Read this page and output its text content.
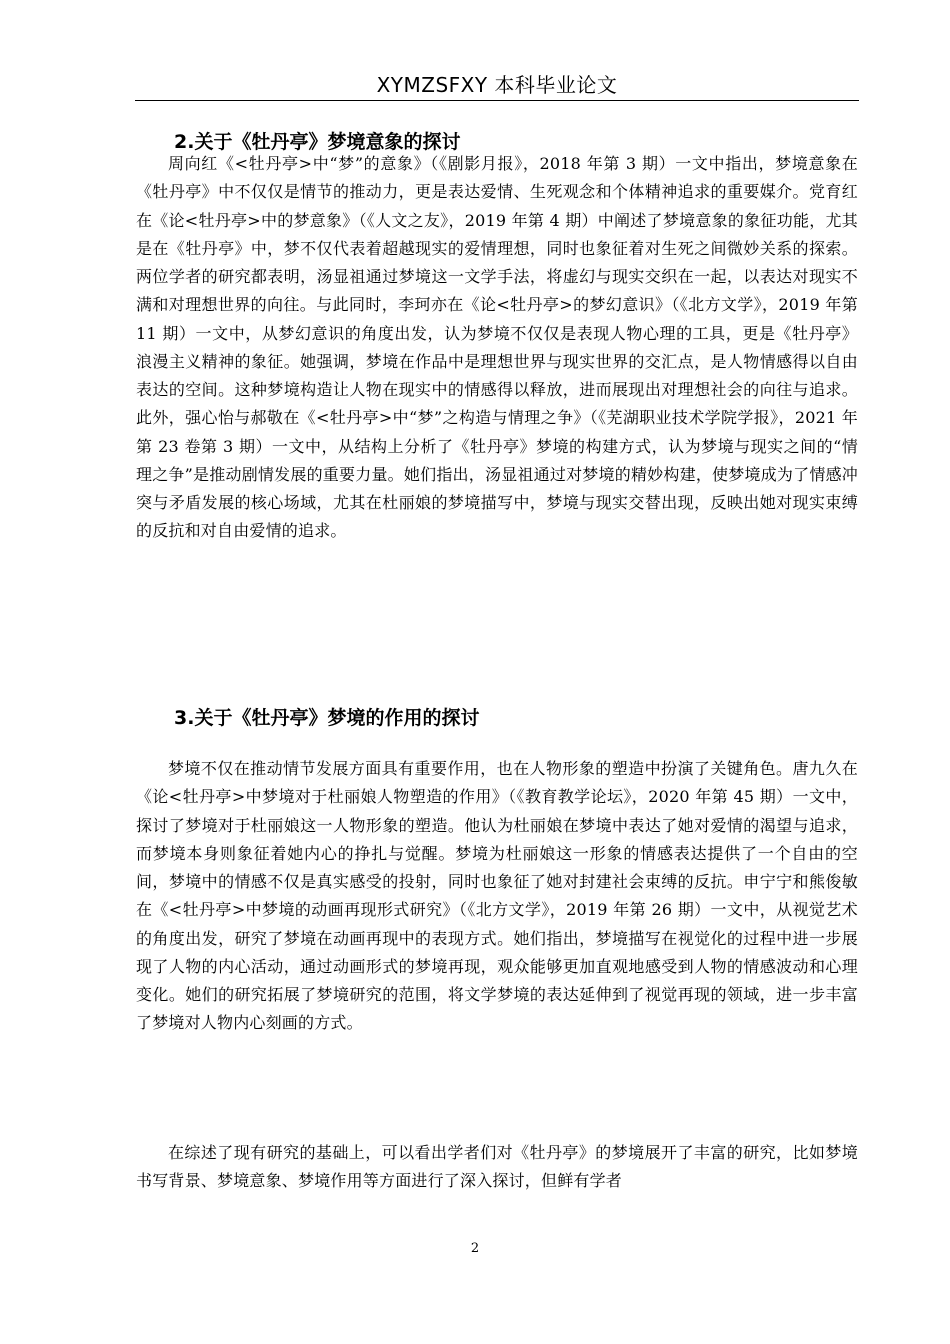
XYMZSFXY 本科毕业论文
2.关于《牡丹亭》梦境意象的探讨

周向红《<牡丹亭>中“梦”的意象》（《剧影月报》，2018 年第 3 期）一文中指出，梦境意象在《牡丹亭》中不仅仅是情节的推动力，更是表达爱情、生死观念和个体精神追求的重要媒介。党育红在《论<牡丹亭>中的梦意象》（《人文之友》，2019 年第 4 期）中阐述了梦境意象的象征功能，尤其是在《牡丹亭》中，梦不仅代表着超越现实的爱情理想，同时也象征着对生死之间微妙关系的探索。两位学者的研究都表明，汤显祖通过梦境这一文学手法，将虚幻与现实交织在一起，以表达对现实不满和对理想世界的向往。与此同时，李珂亦在《论<牡丹亭>的梦幻意识》（《北方文学》，2019 年第 11 期）一文中，从梦幻意识的角度出发，认为梦境不仅仅是表现人物心理的工具，更是《牡丹亭》浪漫主义精神的象征。她强调，梦境在作品中是理想世界与现实世界的交汇点，是人物情感得以自由表达的空间。这种梦境构造让人物在现实中的情感得以释放，进而展现出对理想社会的向往与追求。此外，强心怡与郝敬在《<牡丹亭>中“梦”之构造与情理之争》（《芜湖职业技术学院学报》，2021 年第 23 卷第 3 期）一文中，从结构上分析了《牡丹亭》梦境的构建方式，认为梦境与现实之间的“情理之争”是推动剧情发展的重要力量。她们指出，汤显祖通过对梦境的精妙构建，使梦境成为了情感冲突与矛盾发展的核心场域，尤其在杜丽娘的梦境描写中，梦境与现实交替出现，反映出她对现实束缚的反抗和对自由爱情的追求。

3.关于《牡丹亭》梦境的作用的探讨

梦境不仅在推动情节发展方面具有重要作用，也在人物形象的塑造中扮演了关键角色。唐九久在《论<牡丹亭>中梦境对于杜丽娘人物塑造的作用》（《教育教学论坛》，2020 年第 45 期）一文中，探讨了梦境对于杜丽娘这一人物形象的塑造。他认为杜丽娘在梦境中表达了她对爱情的渴望与追求，而梦境本身则象征着她内心的挣扎与觉醒。梦境为杜丽娘这一形象的情感表达提供了一个自由的空间，梦境中的情感不仅是真实感受的投射，同时也象征了她对封建社会束缚的反抗。申宁宁和熊俊敏在《<牡丹亭>中梦境的动画再现形式研究》（《北方文学》，2019 年第 26 期）一文中，从视觉艺术的角度出发，研究了梦境在动画再现中的表现方式。她们指出，梦境描写在视觉化的过程中进一步展现了人物的内心活动，通过动画形式的梦境再现，观众能够更加直观地感受到人物的情感波动和心理变化。她们的研究拓展了梦境研究的范围，将文学梦境的表达延伸到了视觉再现的领域，进一步丰富了梦境对人物内心刻画的方式。

在综述了现有研究的基础上，可以看出学者们对《牡丹亭》的梦境展开了丰富的研究，比如梦境书写背景、梦境意象、梦境作用等方面进行了深入探讨，但鲜有学者

2
